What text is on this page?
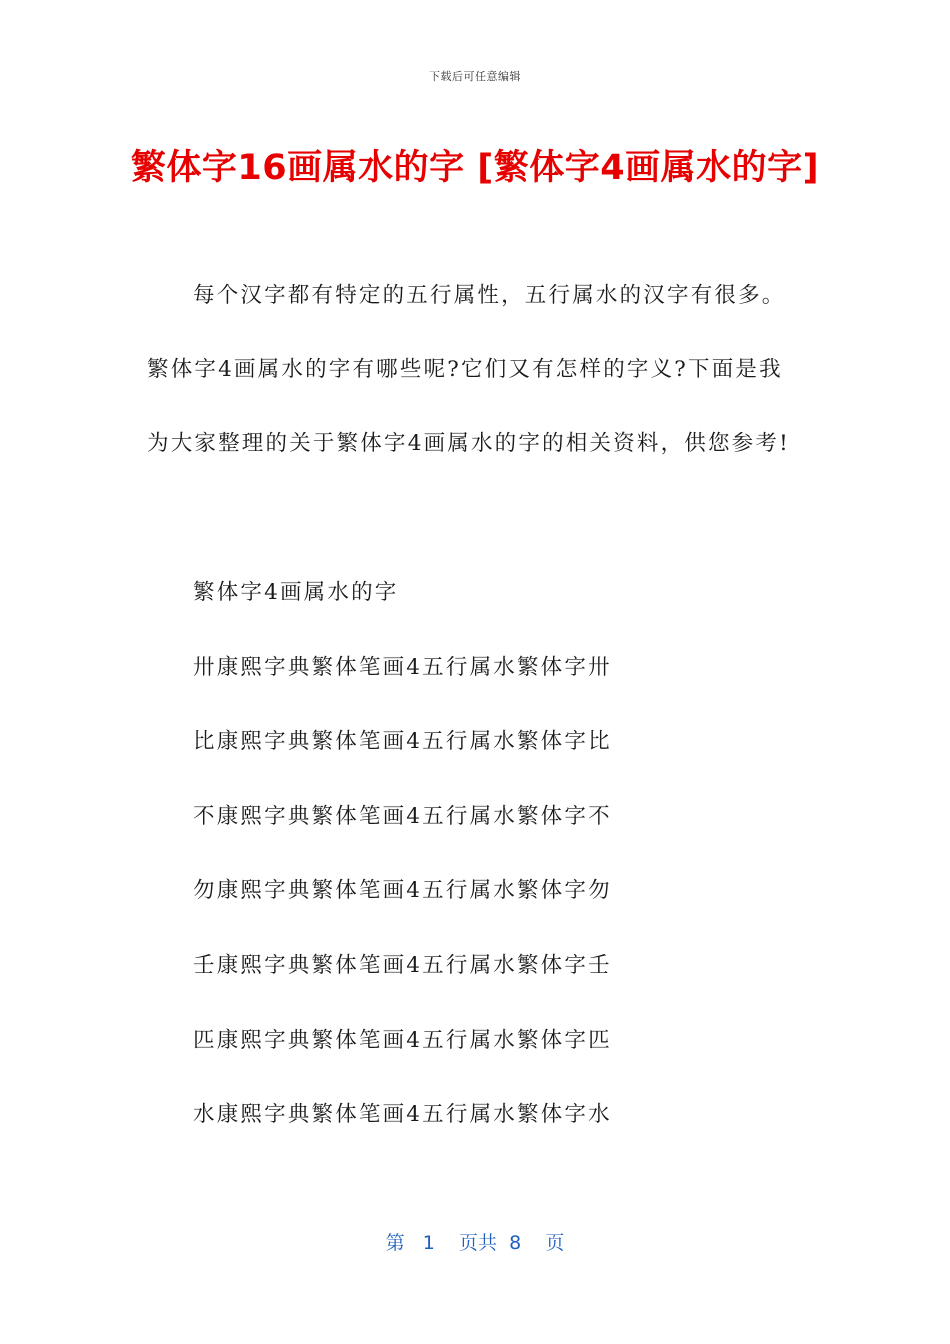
下载后可任意编辑
繁体字16画属水的字 [繁体字4画属水的字]
每个汉字都有特定的五行属性，五行属水的汉字有很多。
繁体字4画属水的字有哪些呢?它们又有怎样的字义?下面是我
为大家整理的关于繁体字4画属水的字的相关资料，供您参考!
繁体字4画属水的字
卅康熙字典繁体笔画4五行属水繁体字卅
比康熙字典繁体笔画4五行属水繁体字比
不康熙字典繁体笔画4五行属水繁体字不
勿康熙字典繁体笔画4五行属水繁体字勿
壬康熙字典繁体笔画4五行属水繁体字壬
匹康熙字典繁体笔画4五行属水繁体字匹
水康熙字典繁体笔画4五行属水繁体字水
第 1 页共 8 页
